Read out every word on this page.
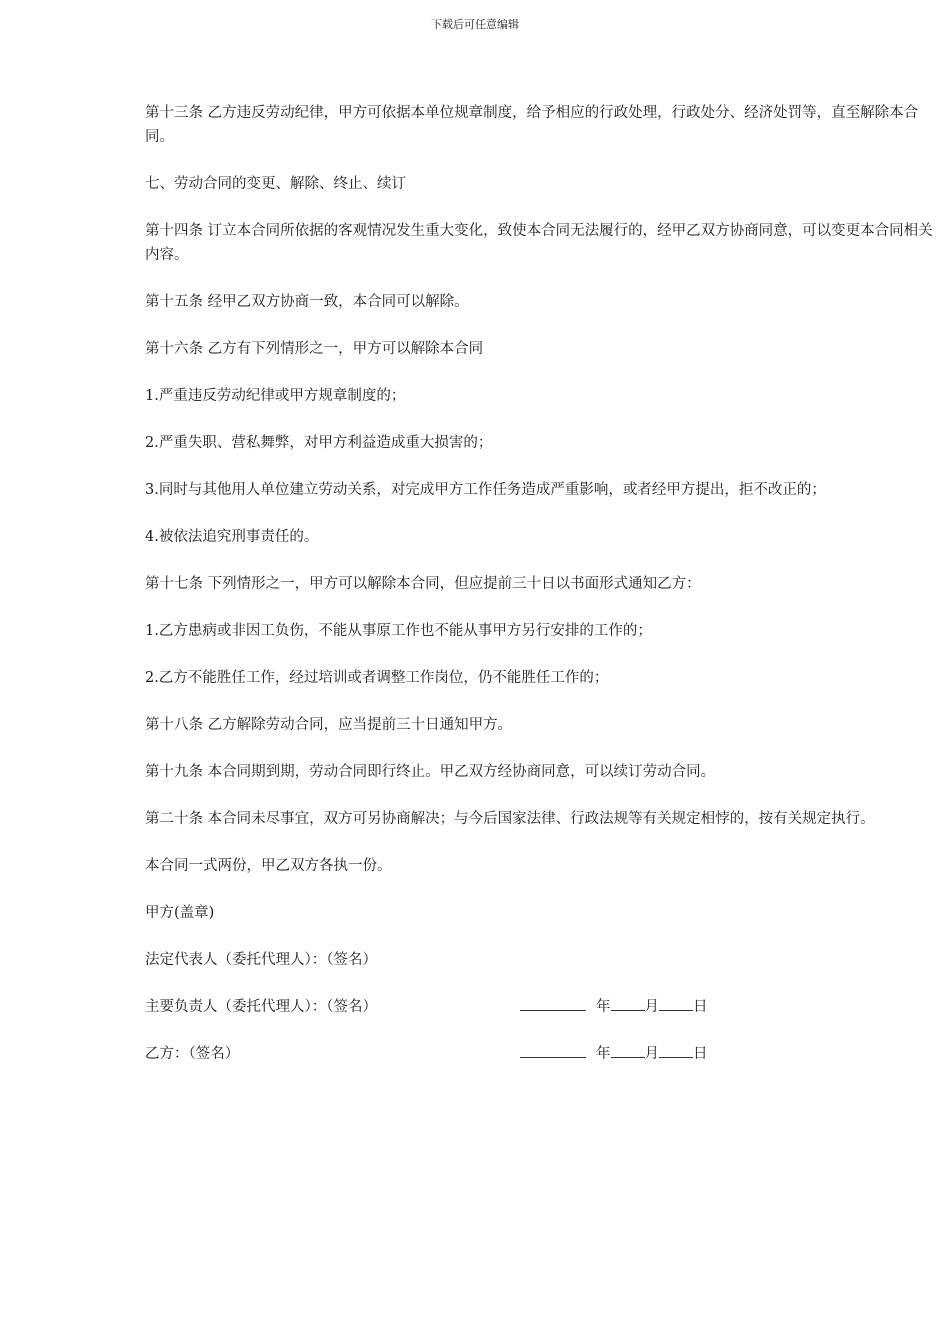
下载后可任意编辑

第十三条 乙方违反劳动纪律，甲方可依据本单位规章制度，给予相应的行政处理，行政处分、经济处罚等，直至解除本合同。

七、劳动合同的变更、解除、终止、续订

第十四条 订立本合同所依据的客观情况发生重大变化，致使本合同无法履行的，经甲乙双方协商同意，可以变更本合同相关内容。

第十五条 经甲乙双方协商一致，本合同可以解除。

第十六条 乙方有下列情形之一，甲方可以解除本合同

1.严重违反劳动纪律或甲方规章制度的；

2.严重失职、营私舞弊，对甲方利益造成重大损害的；

3.同时与其他用人单位建立劳动关系，对完成甲方工作任务造成严重影响，或者经甲方提出，拒不改正的；

4.被依法追究刑事责任的。

第十七条 下列情形之一，甲方可以解除本合同，但应提前三十日以书面形式通知乙方：

1.乙方患病或非因工负伤，不能从事原工作也不能从事甲方另行安排的工作的；

2.乙方不能胜任工作，经过培训或者调整工作岗位，仍不能胜任工作的；

第十八条 乙方解除劳动合同，应当提前三十日通知甲方。

第十九条 本合同期到期，劳动合同即行终止。甲乙双方经协商同意，可以续订劳动合同。

第二十条 本合同未尽事宜，双方可另协商解决；与今后国家法律、行政法规等有关规定相悖的，按有关规定执行。

本合同一式两份，甲乙双方各执一份。

甲方(盖章)

法定代表人（委托代理人）：（签名）

主要负责人（委托代理人）：（签名）	年 月 日
乙方：（签名）	年 月 日
